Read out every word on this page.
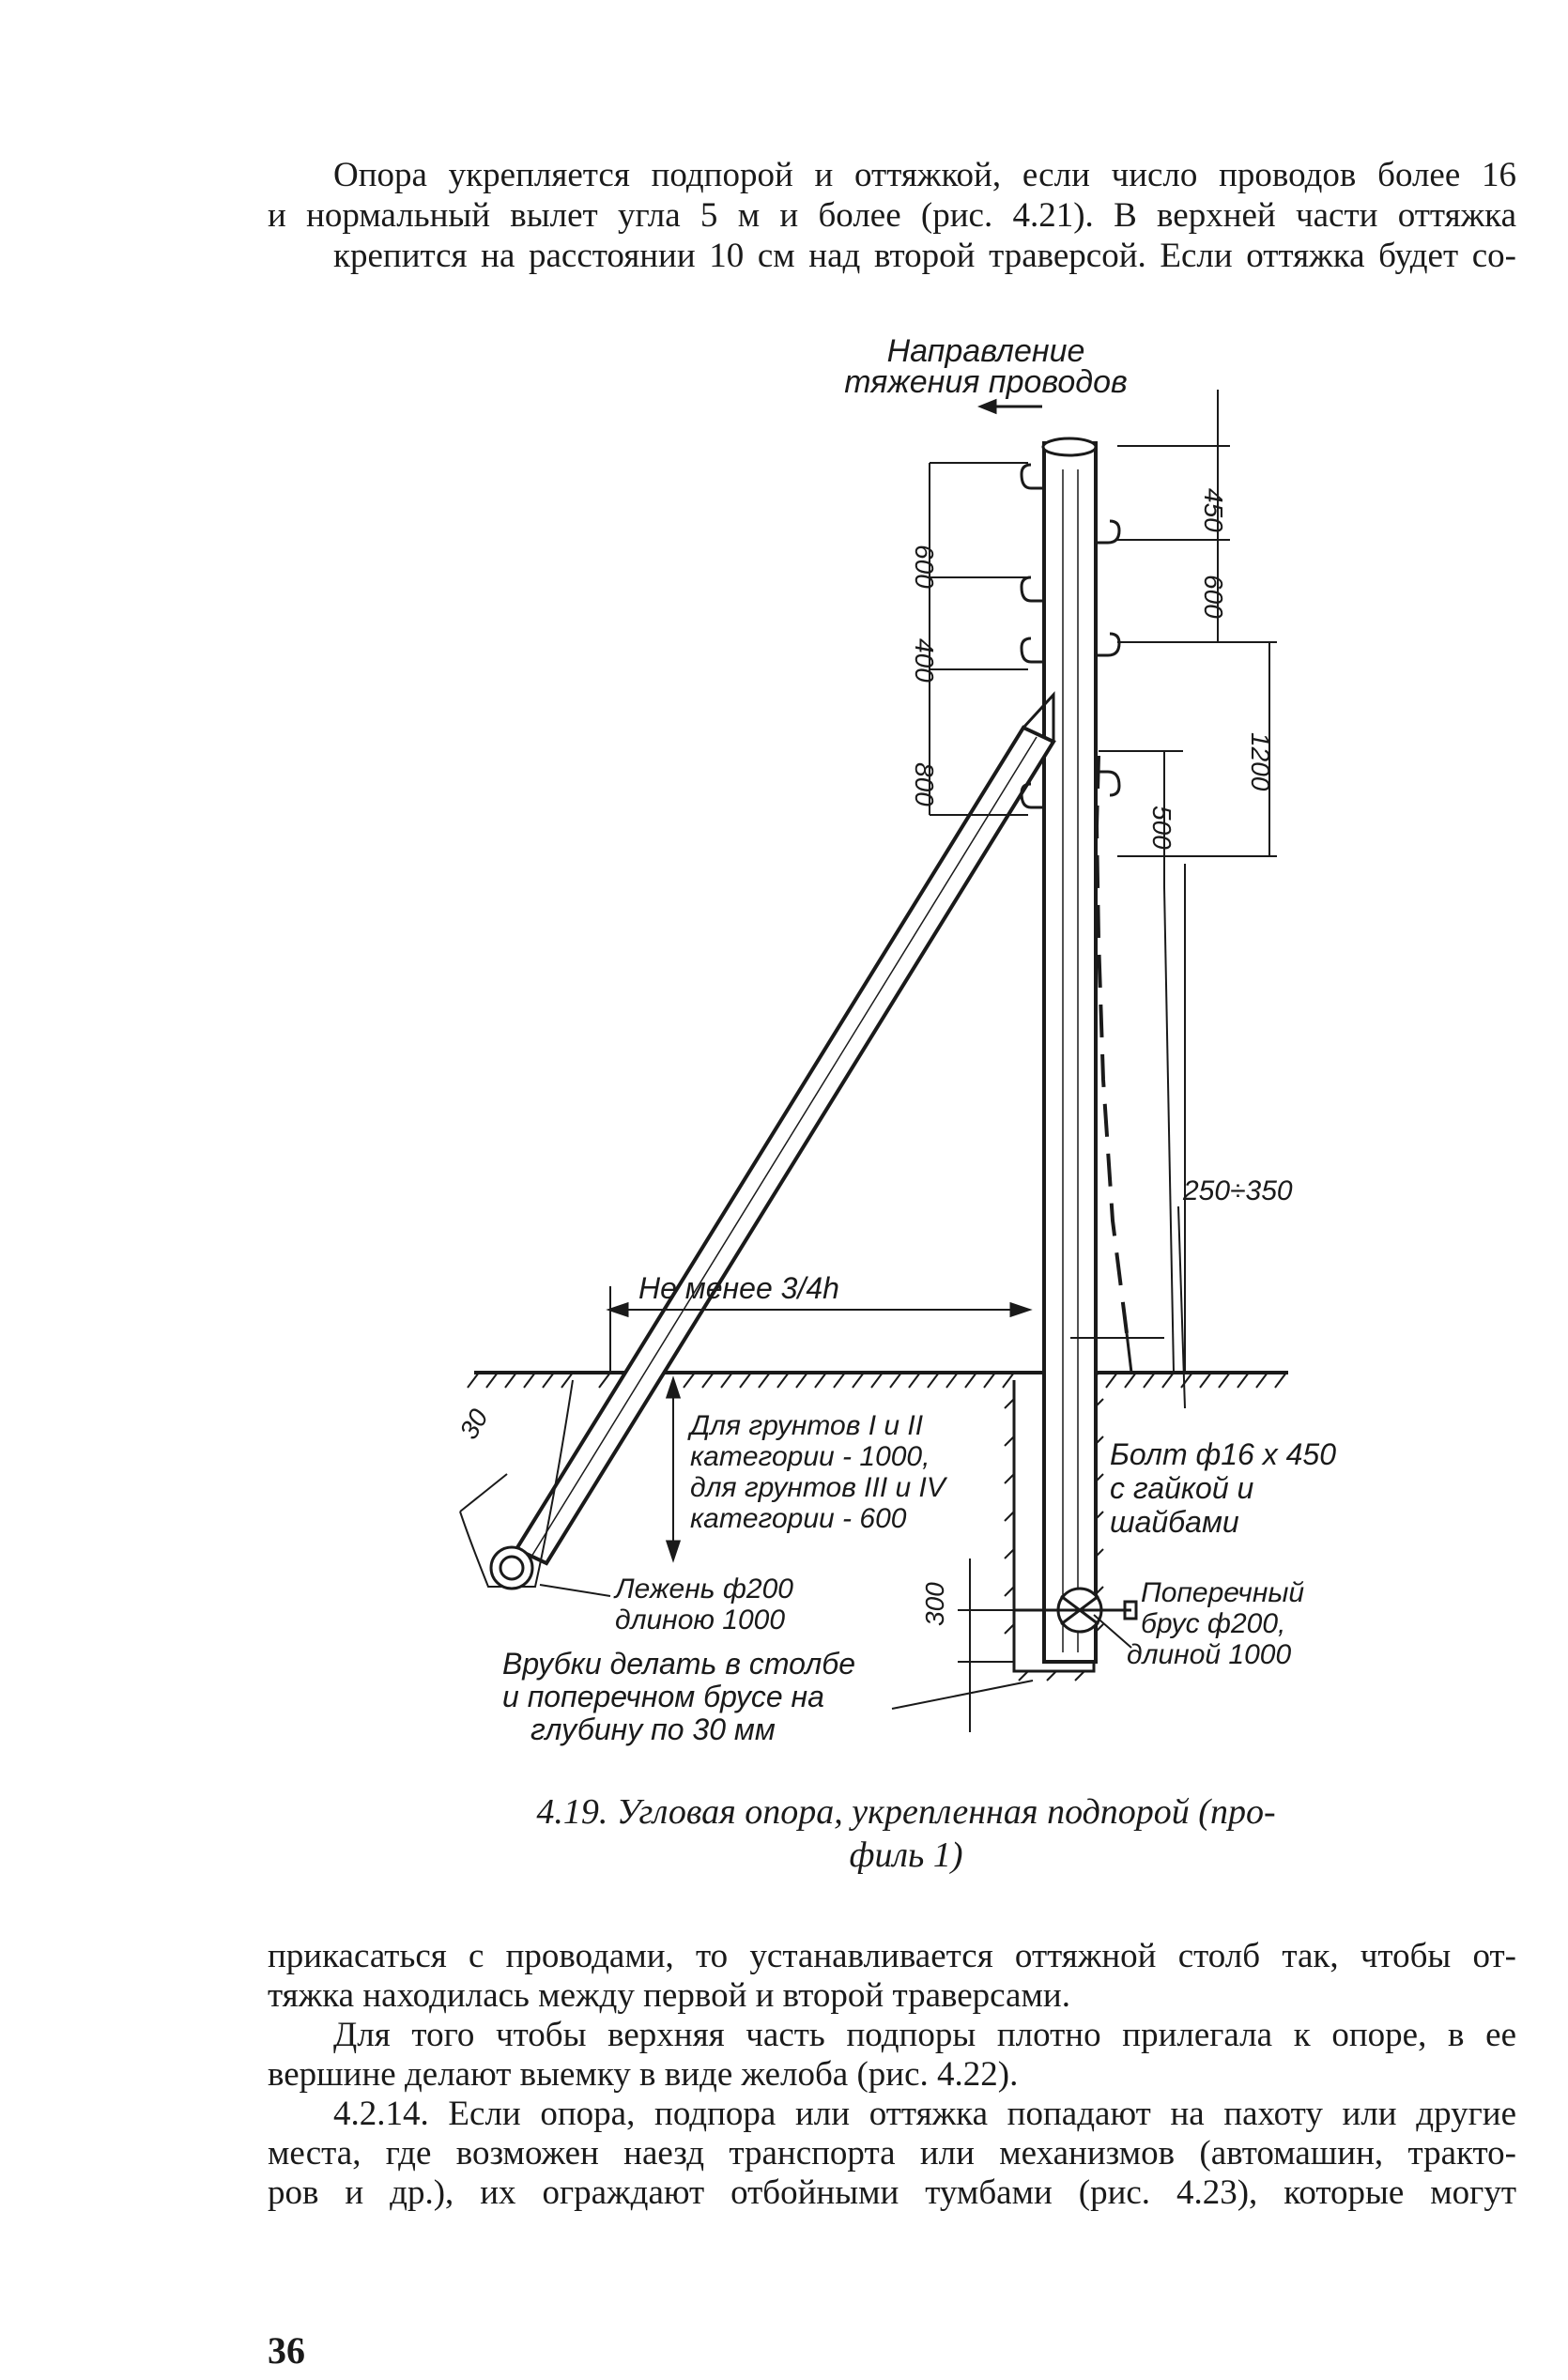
Опора укрепляется подпорой и оттяжкой, если число проводов более 16
и нормальный вылет угла 5 м и более (рис. 4.21). В верхней части оттяжка
крепится на расстоянии 10 см над второй траверсой. Если оттяжка будет со-

Направление
тяжения проводов
450
600
1200
500
600
400
800
250÷350
Не менее 3/4h
30
300
Для грунтов I и II
категории - 1000,
для грунтов III и IV
категории - 600
Болт ф16 х 450
с гайкой и
шайбами
Лежень ф200
длиною 1000
Поперечный
брус ф200,
длиной 1000
Врубки делать в столбе
и поперечном брусе на
глубину по 30 мм

4.19. Угловая опора, укрепленная подпорой (про-
филь 1)

прикасаться с проводами, то устанавливается оттяжной столб так, чтобы от-
тяжка находилась между первой и второй траверсами.
Для того чтобы верхняя часть подпоры плотно прилегала к опоре, в ее
вершине делают выемку в виде желоба (рис. 4.22).
4.2.14. Если опора, подпора или оттяжка попадают на пахоту или другие
места, где возможен наезд транспорта или механизмов (автомашин, тракто-
ров и др.), их ограждают отбойными тумбами (рис. 4.23), которые могут
36
